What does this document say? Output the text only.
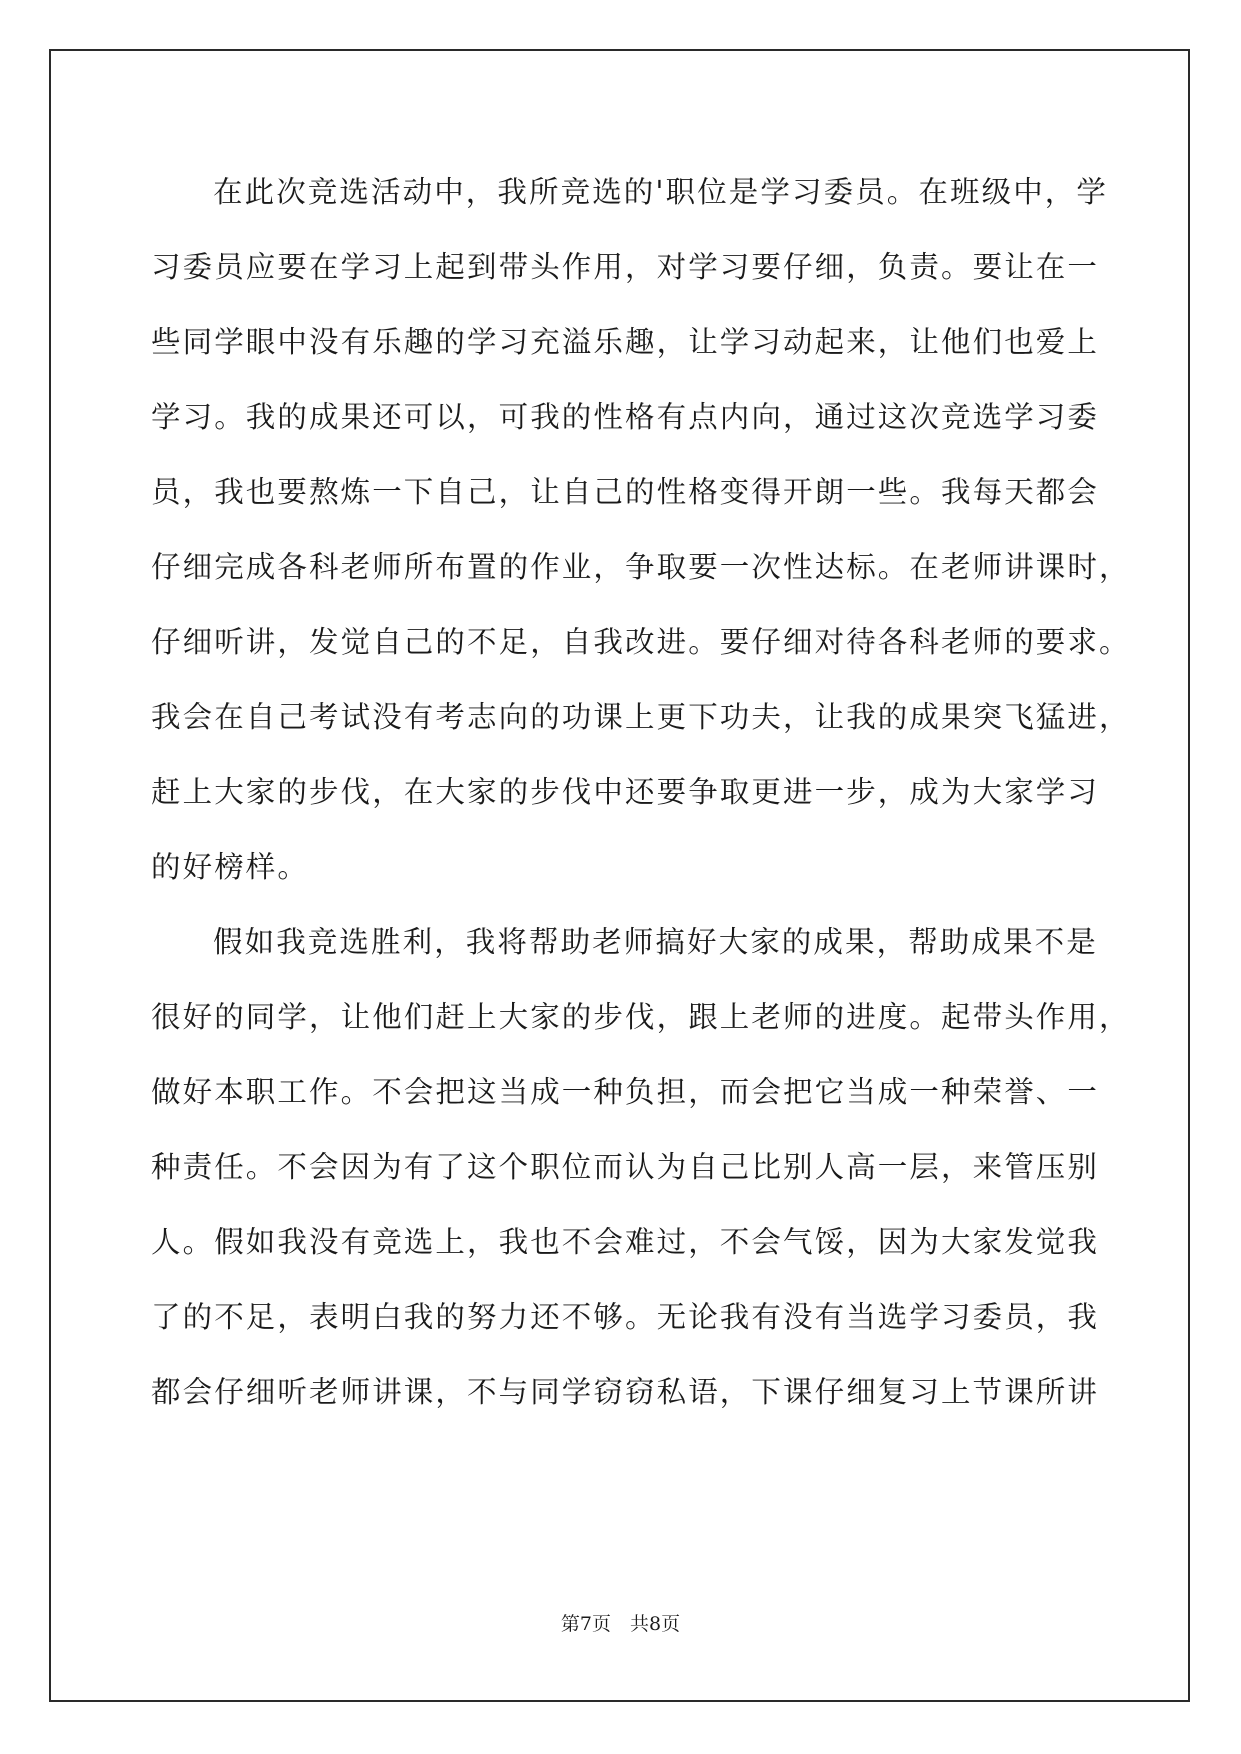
在此次竞选活动中，我所竞选的'职位是学习委员。在班级中，学

习委员应要在学习上起到带头作用，对学习要仔细，负责。要让在一

些同学眼中没有乐趣的学习充溢乐趣，让学习动起来，让他们也爱上

学习。我的成果还可以，可我的性格有点内向，通过这次竞选学习委

员，我也要熬炼一下自己，让自己的性格变得开朗一些。我每天都会

仔细完成各科老师所布置的作业，争取要一次性达标。在老师讲课时，

仔细听讲，发觉自己的不足，自我改进。要仔细对待各科老师的要求。

我会在自己考试没有考志向的功课上更下功夫，让我的成果突飞猛进，

赶上大家的步伐，在大家的步伐中还要争取更进一步，成为大家学习

的好榜样。

假如我竞选胜利，我将帮助老师搞好大家的成果，帮助成果不是

很好的同学，让他们赶上大家的步伐，跟上老师的进度。起带头作用，

做好本职工作。不会把这当成一种负担，而会把它当成一种荣誉、一

种责任。不会因为有了这个职位而认为自己比别人高一层，来管压别

人。假如我没有竞选上，我也不会难过，不会气馁，因为大家发觉我

了的不足，表明白我的努力还不够。无论我有没有当选学习委员，我

都会仔细听老师讲课，不与同学窃窃私语，下课仔细复习上节课所讲

第7页　共8页
